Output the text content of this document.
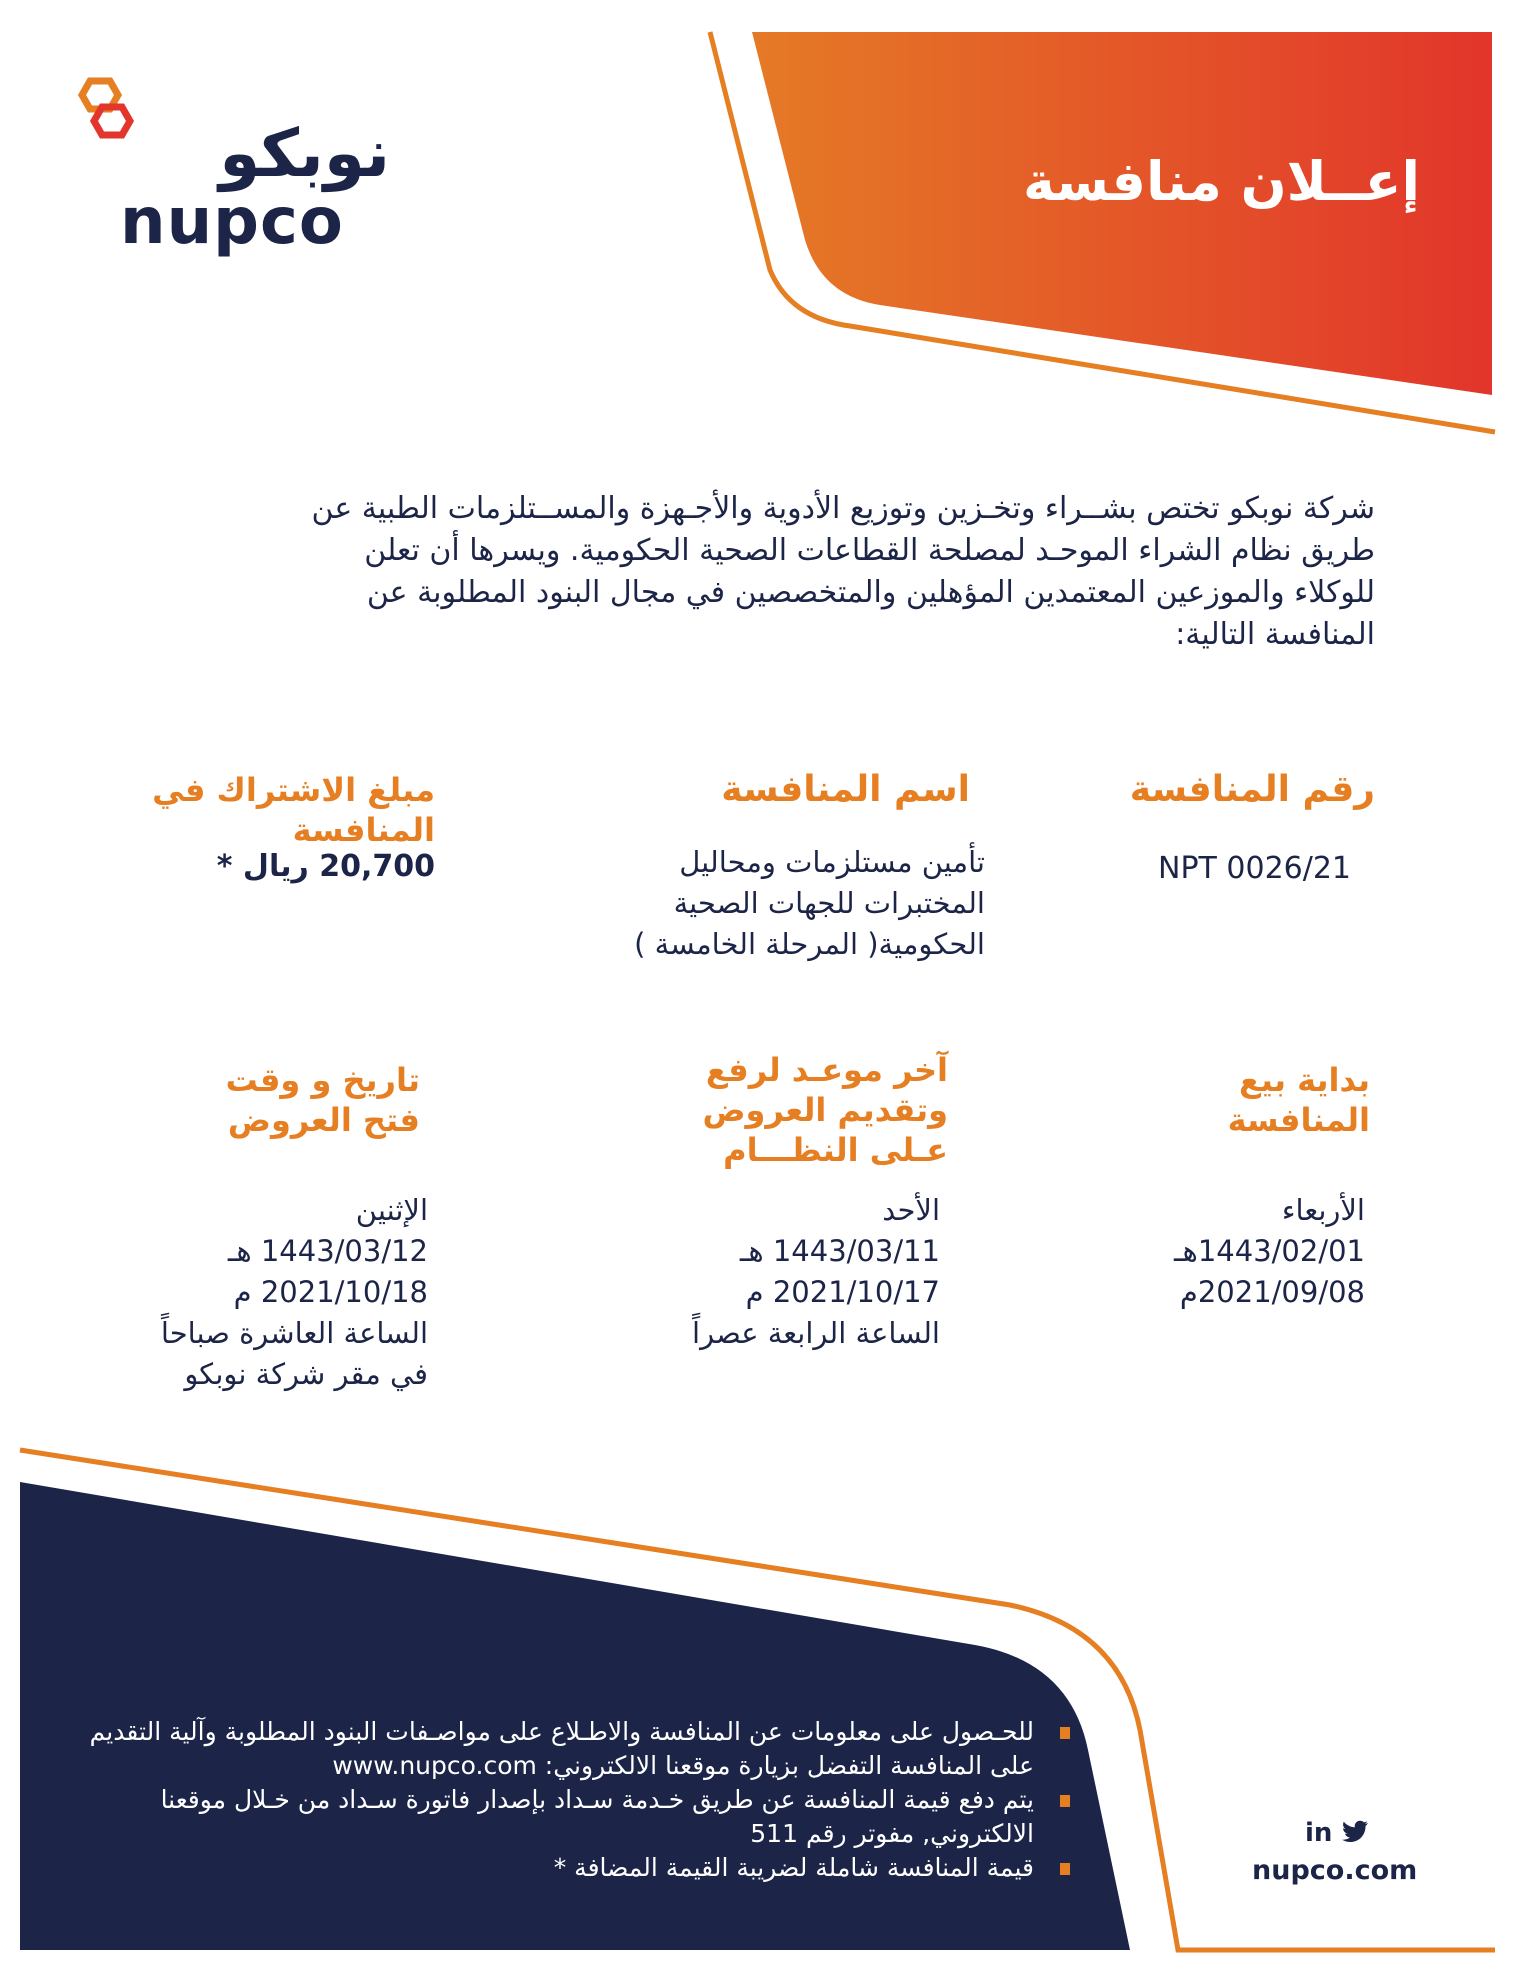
إعــلان منافسة
نوبكو
nupco
شركة نوبكو تختص بشــراء وتخـزين وتوزيع الأدوية والأجـهزة والمســتلزمات الطبية عن طريق نظام الشراء الموحـد لمصلحة القطاعات الصحية الحكومية. ويسرها أن تعلن للوكلاء والموزعين المعتمدين المؤهلين والمتخصصين في مجال البنود المطلوبة عن المنافسة التالية:
رقم المنافسة
اسم المنافسة
مبلغ الاشتراك في المنافسة
NPT 0026/21
تأمين مستلزمات ومحاليل المختبرات للجهات الصحية الحكومية( المرحلة الخامسة )
20,700 ريال *
بداية بيع المنافسة
آخر موعـد لرفع وتقديم العروض عـلى النظـــام
تاريخ و وقت فتح العروض
الأربعاء
1443/02/01هـ
2021/09/08م
الأحد
1443/03/11 هـ
2021/10/17 م
الساعة الرابعة عصراً
الإثنين
1443/03/12 هـ
2021/10/18 م
الساعة العاشرة صباحاً
في مقر شركة نوبكو
للحـصول على معلومات عن المنافسة والاطـلاع على مواصـفات البنود المطلوبة وآلية التقديم على المنافسة التفضل بزيارة موقعنا الالكتروني: www.nupco.com
يتم دفع قيمة المنافسة عن طريق خـدمة سـداد بإصدار فاتورة سـداد من خـلال موقعنا الالكتروني, مفوتر رقم 511
قيمة المنافسة شاملة لضريبة القيمة المضافة *
in
nupco.com
